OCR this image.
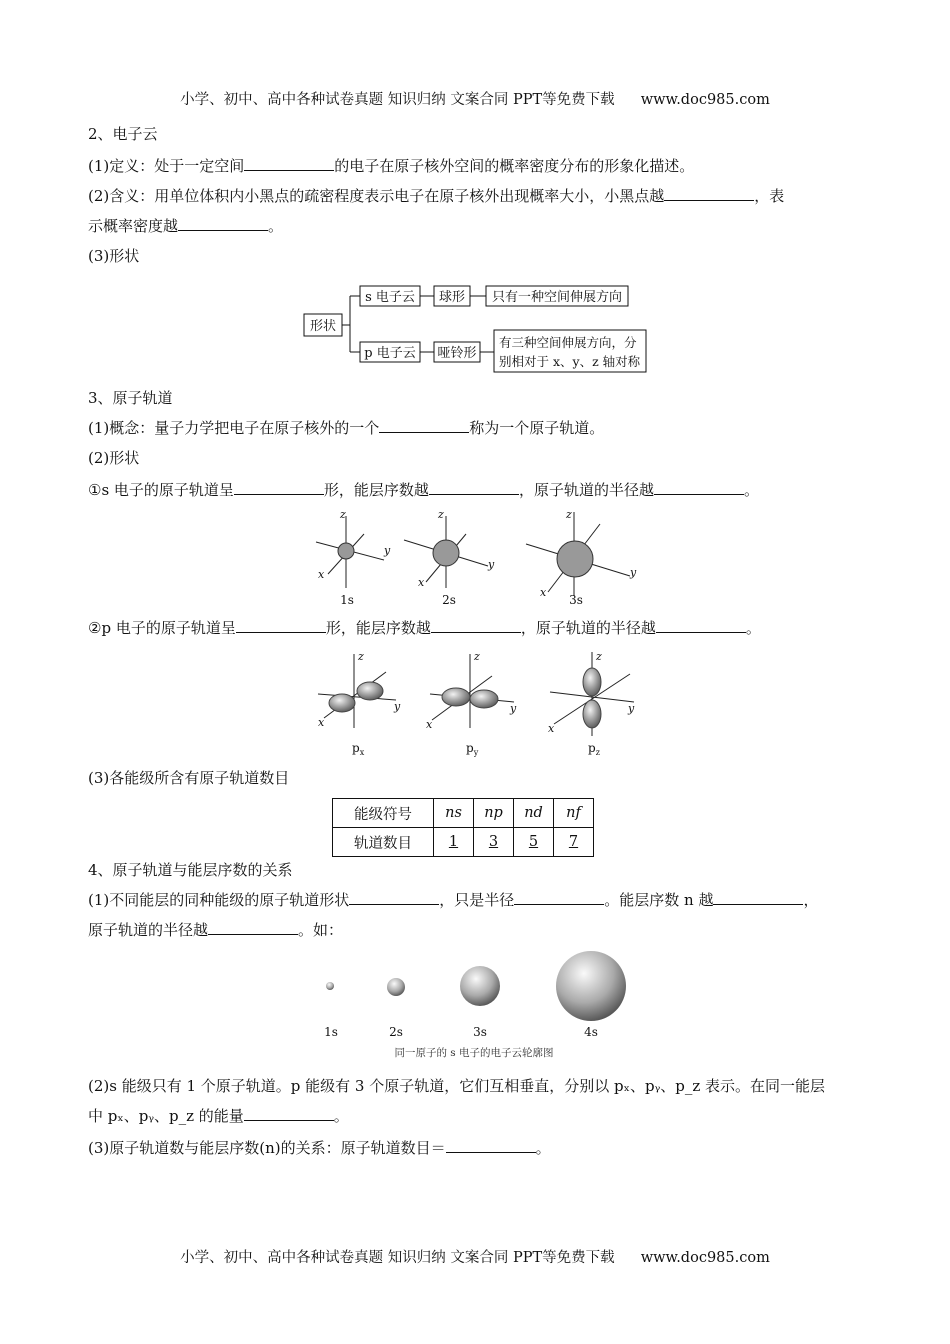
小学、初中、高中各种试卷真题 知识归纳 文案合同 PPT等免费下载 www.doc985.com
2、电子云
(1)定义：处于一定空间	的电子在原子核外空间的概率密度分布的形象化描述。
(2)含义：用单位体积内小黑点的疏密程度表示电子在原子核外出现概率大小，小黑点越	，表
示概率密度越	。
(3)形状
形状
s 电子云 球形 只有一种空间伸展方向
p 电子云 哑铃形
有三种空间伸展方向，分
别相对于 x、y、z 轴对称
3、原子轨道
(1)概念：量子力学把电子在原子核外的一个	称为一个原子轨道。
(2)形状
①s 电子的原子轨道呈	形，能层序数越	，原子轨道的半径越	。
z
y
x
z
y
x
z
y
x
1s	2s	3s
②p 电子的原子轨道呈	形，能层序数越	，原子轨道的半径越	。
z
y
x
z
y
x
z
y
x
$p_x$	$p_y$	$p_z$
(3)各能级所含有原子轨道数目
能级符号	ns	np	nd	nf
轨道数目	1	3	5	7
4、原子轨道与能层序数的关系
(1)不同能层的同种能级的原子轨道形状	，只是半径	。能层序数 n 越	，
原子轨道的半径越	。如：
1s	2s	3s	4s
同一原子的 s 电子的电子云轮廓图
(2)s 能级只有 1 个原子轨道。p 能级有 3 个原子轨道，它们互相垂直，分别以 pₓ、pᵧ、p_z 表示。在同一能层
中 pₓ、pᵧ、p_z 的能量	。
(3)原子轨道数与能层序数(n)的关系：原子轨道数目＝	。
小学、初中、高中各种试卷真题 知识归纳 文案合同 PPT等免费下载 www.doc985.com
